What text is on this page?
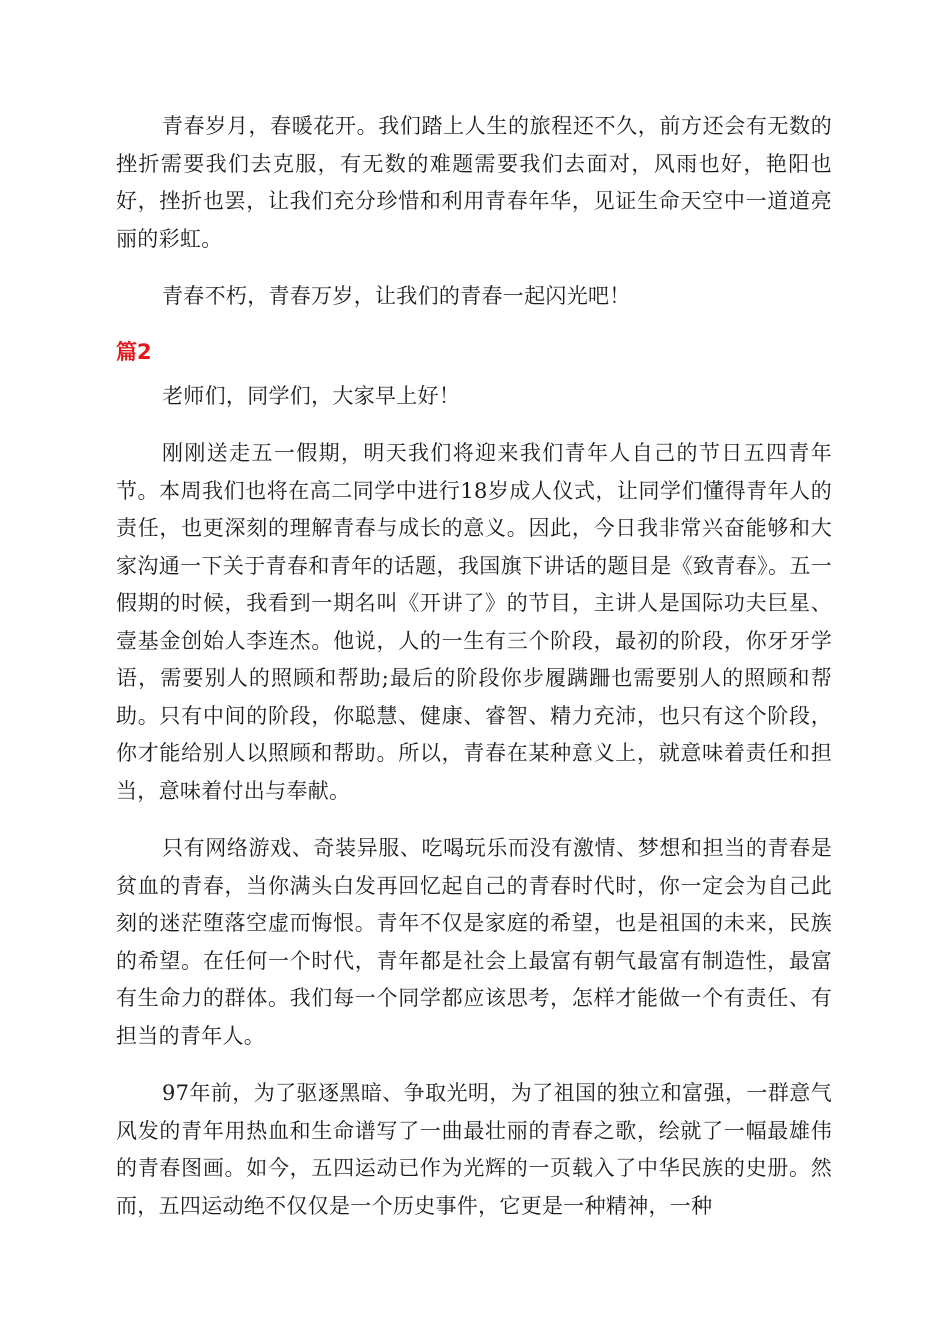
青春岁月，春暖花开。我们踏上人生的旅程还不久，前方还会有无数的挫折需要我们去克服，有无数的难题需要我们去面对，风雨也好，艳阳也好，挫折也罢，让我们充分珍惜和利用青春年华，见证生命天空中一道道亮丽的彩虹。

青春不朽，青春万岁，让我们的青春一起闪光吧！

篇2

老师们，同学们，大家早上好！

刚刚送走五一假期，明天我们将迎来我们青年人自己的节日五四青年节。本周我们也将在高二同学中进行18岁成人仪式，让同学们懂得青年人的责任，也更深刻的理解青春与成长的意义。因此，今日我非常兴奋能够和大家沟通一下关于青春和青年的话题，我国旗下讲话的题目是《致青春》。五一假期的时候，我看到一期名叫《开讲了》的节目，主讲人是国际功夫巨星、壹基金创始人李连杰。他说，人的一生有三个阶段，最初的阶段，你牙牙学语，需要别人的照顾和帮助;最后的阶段你步履蹒跚也需要别人的照顾和帮助。只有中间的阶段，你聪慧、健康、睿智、精力充沛，也只有这个阶段，你才能给别人以照顾和帮助。所以，青春在某种意义上，就意味着责任和担当，意味着付出与奉献。

只有网络游戏、奇装异服、吃喝玩乐而没有激情、梦想和担当的青春是贫血的青春，当你满头白发再回忆起自己的青春时代时，你一定会为自己此刻的迷茫堕落空虚而悔恨。青年不仅是家庭的希望，也是祖国的未来，民族的希望。在任何一个时代，青年都是社会上最富有朝气最富有制造性，最富有生命力的群体。我们每一个同学都应该思考，怎样才能做一个有责任、有担当的青年人。

97年前，为了驱逐黑暗、争取光明，为了祖国的独立和富强，一群意气风发的青年用热血和生命谱写了一曲最壮丽的青春之歌，绘就了一幅最雄伟的青春图画。如今，五四运动已作为光辉的一页载入了中华民族的史册。然而，五四运动绝不仅仅是一个历史事件，它更是一种精神，一种
